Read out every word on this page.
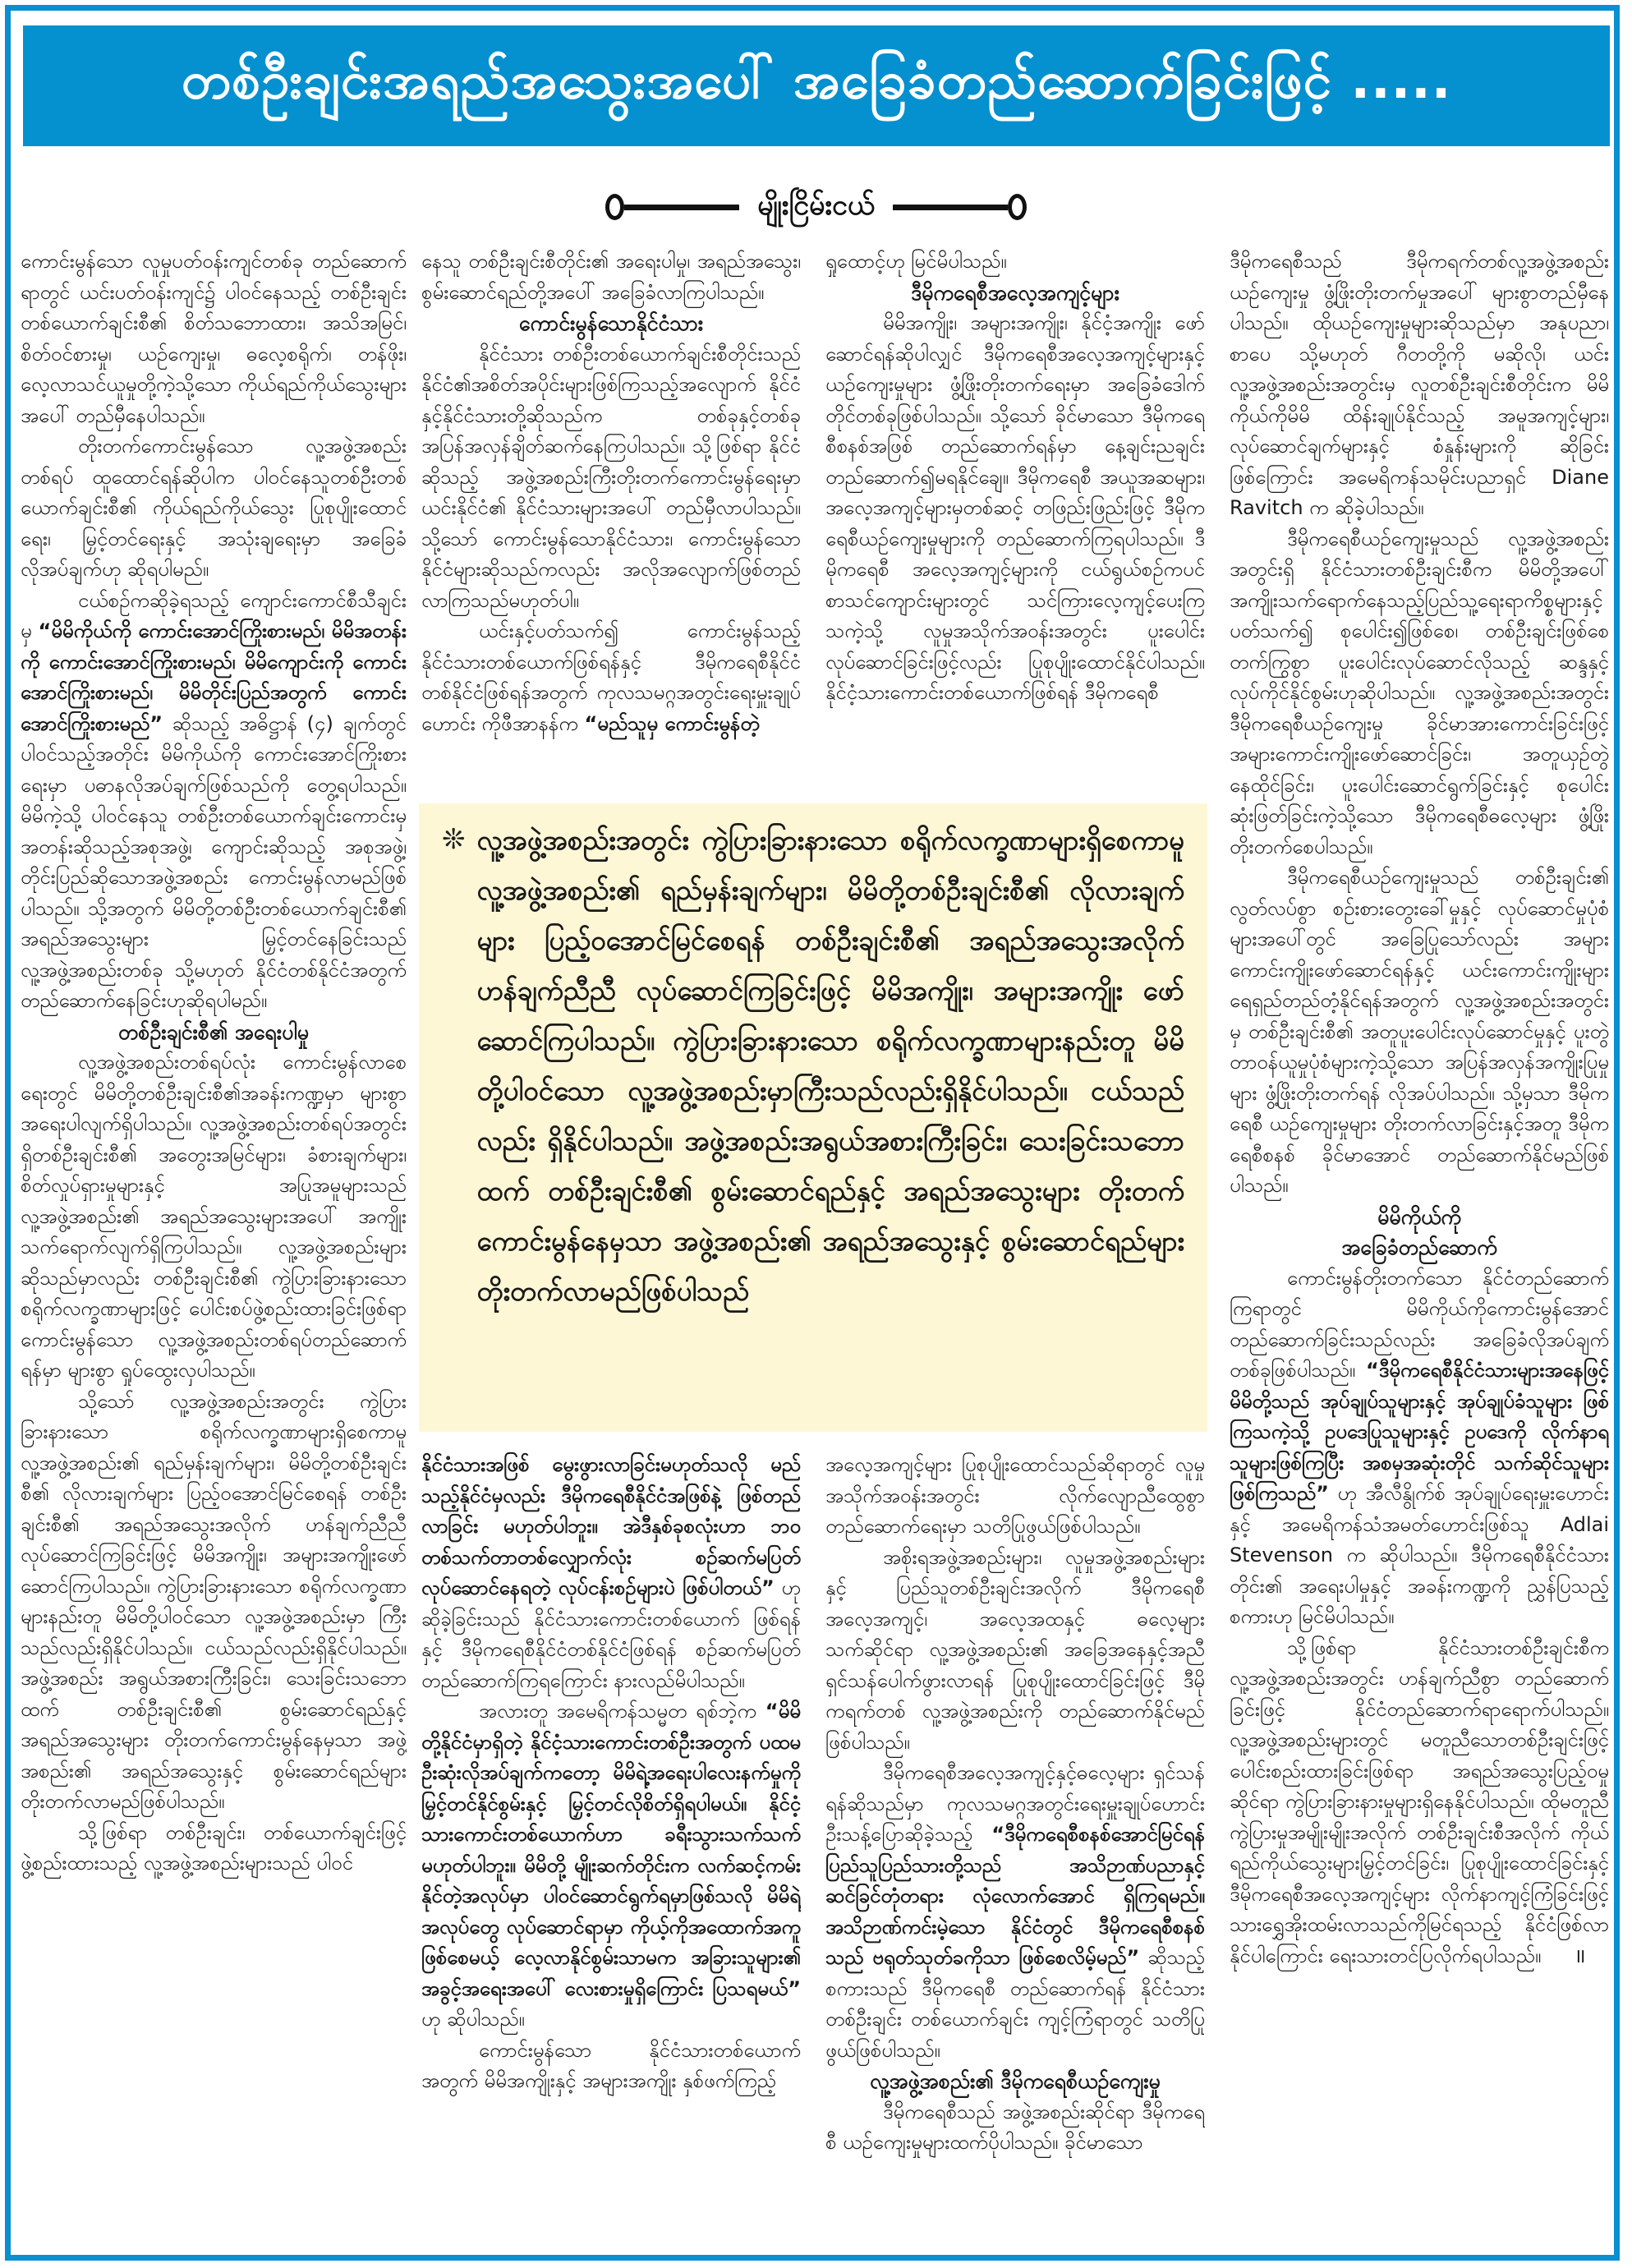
တစ်ဦးချင်းအရည်အသွေးအပေါ် အခြေခံတည်ဆောက်ခြင်းဖြင့် .....
မျိုးငြိမ်းငယ်

ကောင်းမွန်သော လူမှုပတ်ဝန်းကျင်တစ်ခု တည်ဆောက်ရာတွင် ယင်းပတ်ဝန်းကျင်၌ ပါဝင်နေသည့် တစ်ဦးချင်းတစ်ယောက်ချင်းစီ၏ စိတ်သဘောထား၊ အသိအမြင်၊ စိတ်ဝင်စားမှု၊ ယဉ်ကျေးမှု၊ ဓလေ့စရိုက်၊ တန်ဖိုး၊ လေ့လာသင်ယူမှုတို့ကဲ့သို့သော ကိုယ်ရည်ကိုယ်သွေးများအပေါ် တည်မှီနေပါသည်။

တိုးတက်ကောင်းမွန်သော လူ့အဖွဲ့အစည်းတစ်ရပ် ထူထောင်ရန်ဆိုပါက ပါဝင်နေသူတစ်ဦးတစ်ယောက်ချင်းစီ၏ ကိုယ်ရည်ကိုယ်သွေး ပြုစုပျိုးထောင်ရေး၊ မြှင့်တင်ရေးနှင့် အသုံးချရေးမှာ အခြေခံလိုအပ်ချက်ဟု ဆိုရပါမည်။

ငယ်စဉ်ကဆိုခဲ့ရသည့် ကျောင်းကောင်စီသီချင်းမှ “မိမိကိုယ်ကို ကောင်းအောင်ကြိုးစားမည်၊ မိမိအတန်းကို ကောင်းအောင်ကြိုးစားမည်၊ မိမိကျောင်းကို ကောင်းအောင်ကြိုးစားမည်၊ မိမိတိုင်းပြည်အတွက် ကောင်းအောင်ကြိုးစားမည်” ဆိုသည့် အဓိဋ္ဌာန် (၄) ချက်တွင် ပါဝင်သည့်အတိုင်း မိမိကိုယ်ကို ကောင်းအောင်ကြိုးစားရေးမှာ ပဓာနလိုအပ်ချက်ဖြစ်သည်ကို တွေ့ရပါသည်။ မိမိကဲ့သို့ ပါဝင်နေသူ တစ်ဦးတစ်ယောက်ချင်းကောင်းမှ အတန်းဆိုသည့်အစုအဖွဲ့၊ ကျောင်းဆိုသည့် အစုအဖွဲ့၊ တိုင်းပြည်ဆိုသောအဖွဲ့အစည်း ကောင်းမွန်လာမည်ဖြစ်ပါသည်။ သို့အတွက် မိမိတို့တစ်ဦးတစ်ယောက်ချင်းစီ၏ အရည်အသွေးများ မြှင့်တင်နေခြင်းသည် လူ့အဖွဲ့အစည်းတစ်ခု သို့မဟုတ် နိုင်ငံတစ်နိုင်ငံအတွက် တည်ဆောက်နေခြင်းဟုဆိုရပါမည်။

တစ်ဦးချင်းစီ၏ အရေးပါမှု

လူ့အဖွဲ့အစည်းတစ်ရပ်လုံး ကောင်းမွန်လာစေရေးတွင် မိမိတို့တစ်ဦးချင်းစီ၏အခန်းကဏ္ဍမှာ များစွာအရေးပါလျက်ရှိပါသည်။ လူ့အဖွဲ့အစည်းတစ်ရပ်အတွင်းရှိတစ်ဦးချင်းစီ၏ အတွေးအမြင်များ၊ ခံစားချက်များ၊ စိတ်လှုပ်ရှားမှုများနှင့် အပြုအမူများသည် လူ့အဖွဲ့အစည်း၏ အရည်အသွေးများအပေါ် အကျိုးသက်ရောက်လျက်ရှိကြပါသည်။ လူ့အဖွဲ့အစည်းများဆိုသည်မှာလည်း တစ်ဦးချင်းစီ၏ ကွဲပြားခြားနားသော စရိုက်လက္ခဏာများဖြင့် ပေါင်းစပ်ဖွဲ့စည်းထားခြင်းဖြစ်ရာ ကောင်းမွန်သော လူ့အဖွဲ့အစည်းတစ်ရပ်တည်ဆောက်ရန်မှာ များစွာ ရှုပ်ထွေးလှပါသည်။

သို့သော် လူ့အဖွဲ့အစည်းအတွင်း ကွဲပြားခြားနားသော စရိုက်လက္ခဏာများရှိစေကာမူ လူ့အဖွဲ့အစည်း၏ ရည်မှန်းချက်များ၊ မိမိတို့တစ်ဦးချင်းစီ၏ လိုလားချက်များ ပြည့်ဝအောင်မြင်စေရန် တစ်ဦးချင်းစီ၏ အရည်အသွေးအလိုက် ဟန်ချက်ညီညီ လုပ်ဆောင်ကြခြင်းဖြင့် မိမိအကျိုး၊ အများအကျိုးဖော်ဆောင်ကြပါသည်။ ကွဲပြားခြားနားသော စရိုက်လက္ခဏာများနည်းတူ မိမိတို့ပါဝင်သော လူ့အဖွဲ့အစည်းမှာ ကြီးသည်လည်းရှိနိုင်ပါသည်။ ငယ်သည်လည်းရှိနိုင်ပါသည်။ အဖွဲ့အစည်း အရွယ်အစားကြီးခြင်း၊ သေးခြင်းသဘောထက် တစ်ဦးချင်းစီ၏ စွမ်းဆောင်ရည်နှင့် အရည်အသွေးများ တိုးတက်ကောင်းမွန်နေမှသာ အဖွဲ့အစည်း၏ အရည်အသွေးနှင့် စွမ်းဆောင်ရည်များ တိုးတက်လာမည်ဖြစ်ပါသည်။

သို့ဖြစ်ရာ တစ်ဦးချင်း၊ တစ်ယောက်ချင်းဖြင့် ဖွဲ့စည်းထားသည့် လူ့အဖွဲ့အစည်းများသည် ပါဝင်

နေသူ တစ်ဦးချင်းစီတိုင်း၏ အရေးပါမှု၊ အရည်အသွေး၊ စွမ်းဆောင်ရည်တို့အပေါ် အခြေခံလာကြပါသည်။

ကောင်းမွန်သောနိုင်ငံသား

နိုင်ငံသား တစ်ဦးတစ်ယောက်ချင်းစီတိုင်းသည် နိုင်ငံ၏အစိတ်အပိုင်းများဖြစ်ကြသည့်အလျောက် နိုင်ငံနှင့်နိုင်ငံသားတို့ဆိုသည်က တစ်ခုနှင့်တစ်ခု အပြန်အလှန်ချိတ်ဆက်နေကြပါသည်။ သို့ဖြစ်ရာ နိုင်ငံဆိုသည့် အဖွဲ့အစည်းကြီးတိုးတက်ကောင်းမွန်ရေးမှာ ယင်းနိုင်ငံ၏ နိုင်ငံသားများအပေါ် တည်မှီလာပါသည်။ သို့သော် ကောင်းမွန်သောနိုင်ငံသား၊ ကောင်းမွန်သောနိုင်ငံများဆိုသည်ကလည်း အလိုအလျောက်ဖြစ်တည်လာကြသည်မဟုတ်ပါ။

ယင်းနှင့်ပတ်သက်၍ ကောင်းမွန်သည့် နိုင်ငံသားတစ်ယောက်ဖြစ်ရန်နှင့် ဒီမိုကရေစီနိုင်ငံတစ်နိုင်ငံဖြစ်ရန်အတွက် ကုလသမဂ္ဂအတွင်းရေးမှူးချုပ်ဟောင်း ကိုဖီအာနန်က “မည်သူမှ ကောင်းမွန်တဲ့

ရှုထောင့်ဟု မြင်မိပါသည်။

ဒီမိုကရေစီအလေ့အကျင့်များ

မိမိအကျိုး၊ အများအကျိုး၊ နိုင်ငံ့အကျိုး ဖော်ဆောင်ရန်ဆိုပါလျှင် ဒီမိုကရေစီအလေ့အကျင့်များနှင့် ယဉ်ကျေးမှုများ ဖွံ့ဖြိုးတိုးတက်ရေးမှာ အခြေခံဒေါက်တိုင်တစ်ခုဖြစ်ပါသည်။ သို့သော် ခိုင်မာသော ဒီမိုကရေစီစနစ်အဖြစ် တည်ဆောက်ရန်မှာ နေ့ချင်းညချင်းတည်ဆောက်၍မရနိုင်ချေ။ ဒီမိုကရေစီ အယူအဆများ၊ အလေ့အကျင့်များမှတစ်ဆင့် တဖြည်းဖြည်းဖြင့် ဒီမိုကရေစီယဉ်ကျေးမှုများကို တည်ဆောက်ကြရပါသည်။ ဒီမိုကရေစီ အလေ့အကျင့်များကို ငယ်ရွယ်စဉ်ကပင် စာသင်ကျောင်းများတွင် သင်ကြားလေ့ကျင့်ပေးကြသကဲ့သို့ လူမှုအသိုက်အဝန်းအတွင်း ပူးပေါင်းလုပ်ဆောင်ခြင်းဖြင့်လည်း ပြုစုပျိုးထောင်နိုင်ပါသည်။ နိုင်ငံ့သားကောင်းတစ်ယောက်ဖြစ်ရန် ဒီမိုကရေစီ

❊ လူ့အဖွဲ့အစည်းအတွင်း ကွဲပြားခြားနားသော စရိုက်လက္ခဏာများရှိစေကာမူ လူ့အဖွဲ့အစည်း၏ ရည်မှန်းချက်များ၊ မိမိတို့တစ်ဦးချင်းစီ၏ လိုလားချက်များ ပြည့်ဝအောင်မြင်စေရန် တစ်ဦးချင်းစီ၏ အရည်အသွေးအလိုက် ဟန်ချက်ညီညီ လုပ်ဆောင်ကြခြင်းဖြင့် မိမိအကျိုး၊ အများအကျိုး ဖော်ဆောင်ကြပါသည်။ ကွဲပြားခြားနားသော စရိုက်လက္ခဏာများနည်းတူ မိမိတို့ပါဝင်သော လူ့အဖွဲ့အစည်းမှာကြီးသည်လည်းရှိနိုင်ပါသည်။ ငယ်သည်လည်း ရှိနိုင်ပါသည်။ အဖွဲ့အစည်းအရွယ်အစားကြီးခြင်း၊ သေးခြင်းသဘောထက် တစ်ဦးချင်းစီ၏ စွမ်းဆောင်ရည်နှင့် အရည်အသွေးများ တိုးတက်ကောင်းမွန်နေမှသာ အဖွဲ့အစည်း၏ အရည်အသွေးနှင့် စွမ်းဆောင်ရည်များ တိုးတက်လာမည်ဖြစ်ပါသည်

နိုင်ငံသားအဖြစ် မွေးဖွားလာခြင်းမဟုတ်သလို မည်သည့်နိုင်ငံမှလည်း ဒီမိုကရေစီနိုင်ငံအဖြစ်နဲ့ ဖြစ်တည်လာခြင်း မဟုတ်ပါဘူး။ အဲဒီနှစ်ခုစလုံးဟာ ဘဝတစ်သက်တာတစ်လျှောက်လုံး စဉ်ဆက်မပြတ် လုပ်ဆောင်နေရတဲ့ လုပ်ငန်းစဉ်များပဲ ဖြစ်ပါတယ်” ဟုဆိုခဲ့ခြင်းသည် နိုင်ငံသားကောင်းတစ်ယောက် ဖြစ်ရန်နှင့် ဒီမိုကရေစီနိုင်ငံတစ်နိုင်ငံဖြစ်ရန် စဉ်ဆက်မပြတ် တည်ဆောက်ကြရကြောင်း နားလည်မိပါသည်။

အလားတူ အမေရိကန်သမ္မတ ရစ်ဘဲ့က “မိမိတို့နိုင်ငံမှာရှိတဲ့ နိုင်ငံ့သားကောင်းတစ်ဦးအတွက် ပထမဦးဆုံးလိုအပ်ချက်ကတော့ မိမိရဲ့အရေးပါလေးနက်မှုကို မြှင့်တင်နိုင်စွမ်းနှင့် မြှင့်တင်လိုစိတ်ရှိရပါမယ်။ နိုင်ငံ့သားကောင်းတစ်ယောက်ဟာ ခရီးသွားသက်သက်မဟုတ်ပါဘူး။ မိမိတို့ မျိုးဆက်တိုင်းက လက်ဆင့်ကမ်းနိုင်တဲ့အလုပ်မှာ ပါဝင်ဆောင်ရွက်ရမှာဖြစ်သလို မိမိရဲ့အလုပ်တွေ လုပ်ဆောင်ရာမှာ ကိုယ့်ကိုအထောက်အကူဖြစ်စေမယ့် လေ့လာနိုင်စွမ်းသာမက အခြားသူများ၏ အခွင့်အရေးအပေါ် လေးစားမှုရှိကြောင်း ပြသရမယ်” ဟု ဆိုပါသည်။

ကောင်းမွန်သော နိုင်ငံသားတစ်ယောက် အတွက် မိမိအကျိုးနှင့် အများအကျိုး နှစ်ဖက်ကြည့်

အလေ့အကျင့်များ ပြုစုပျိုးထောင်သည်ဆိုရာတွင် လူမှုအသိုက်အဝန်းအတွင်း လိုက်လျောညီထွေစွာ တည်ဆောက်ရေးမှာ သတိပြုဖွယ်ဖြစ်ပါသည်။

အစိုးရအဖွဲ့အစည်းများ၊ လူမှုအဖွဲ့အစည်းများနှင့် ပြည်သူတစ်ဦးချင်းအလိုက် ဒီမိုကရေစီအလေ့အကျင့်၊ အလေ့အထနှင့် ဓလေ့များ သက်ဆိုင်ရာ လူ့အဖွဲ့အစည်း၏ အခြေအနေနှင့်အညီ ရှင်သန်ပေါက်ဖွားလာရန် ပြုစုပျိုးထောင်ခြင်းဖြင့် ဒီမိုကရက်တစ် လူ့အဖွဲ့အစည်းကို တည်ဆောက်နိုင်မည်ဖြစ်ပါသည်။

ဒီမိုကရေစီအလေ့အကျင့်နှင့်ဓလေ့များ ရှင်သန်ရန်ဆိုသည်မှာ ကုလသမဂ္ဂအတွင်းရေးမှူးချုပ်ဟောင်း ဦးသန့်ပြောဆိုခဲ့သည့် “ဒီမိုကရေစီစနစ်အောင်မြင်ရန် ပြည်သူပြည်သားတို့သည် အသိဉာဏ်ပညာနှင့် ဆင်ခြင်တုံတရား လုံလောက်အောင် ရှိကြရမည်။ အသိဉာဏ်ကင်းမဲ့သော နိုင်ငံတွင် ဒီမိုကရေစီစနစ်သည် ဗရုတ်သုတ်ခကိုသာ ဖြစ်စေလိမ့်မည်” ဆိုသည့်စကားသည် ဒီမိုကရေစီ တည်ဆောက်ရန် နိုင်ငံသားတစ်ဦးချင်း တစ်ယောက်ချင်း ကျင့်ကြံရာတွင် သတိပြုဖွယ်ဖြစ်ပါသည်။

လူ့အဖွဲ့အစည်း၏ ဒီမိုကရေစီယဉ်ကျေးမှု

ဒီမိုကရေစီသည် အဖွဲ့အစည်းဆိုင်ရာ ဒီမိုကရေစီ ယဉ်ကျေးမှုများထက်ပိုပါသည်။ ခိုင်မာသော

ဒီမိုကရေစီသည် ဒီမိုကရက်တစ်လူ့အဖွဲ့အစည်း ယဉ်ကျေးမှု ဖွံ့ဖြိုးတိုးတက်မှုအပေါ် များစွာတည်မှီနေပါသည်။ ထိုယဉ်ကျေးမှုများဆိုသည်မှာ အနုပညာ၊ စာပေ သို့မဟုတ် ဂီတတို့ကို မဆိုလို၊ ယင်းလူ့အဖွဲ့အစည်းအတွင်းမှ လူတစ်ဦးချင်းစီတိုင်းက မိမိကိုယ်ကိုမိမိ ထိန်းချုပ်နိုင်သည့် အမူအကျင့်များ၊ လုပ်ဆောင်ချက်များနှင့် စံနှုန်းများကို ဆိုခြင်းဖြစ်ကြောင်း အမေရိကန်သမိုင်းပညာရှင် Diane Ravitch က ဆိုခဲ့ပါသည်။

ဒီမိုကရေစီယဉ်ကျေးမှုသည် လူ့အဖွဲ့အစည်းအတွင်းရှိ နိုင်ငံသားတစ်ဦးချင်းစီက မိမိတို့အပေါ် အကျိုးသက်ရောက်နေသည့်ပြည်သူ့ရေးရာကိစ္စများနှင့်ပတ်သက်၍ စုပေါင်း၍ဖြစ်စေ၊ တစ်ဦးချင်းဖြစ်စေ တက်ကြွစွာ ပူးပေါင်းလုပ်ဆောင်လိုသည့် ဆန္ဒနှင့် လုပ်ကိုင်နိုင်စွမ်းဟုဆိုပါသည်။ လူ့အဖွဲ့အစည်းအတွင်း ဒီမိုကရေစီယဉ်ကျေးမှု ခိုင်မာအားကောင်းခြင်းဖြင့် အများကောင်းကျိုးဖော်ဆောင်ခြင်း၊ အတူယှဉ်တွဲနေထိုင်ခြင်း၊ ပူးပေါင်းဆောင်ရွက်ခြင်းနှင့် စုပေါင်းဆုံးဖြတ်ခြင်းကဲ့သို့သော ဒီမိုကရေစီဓလေ့များ ဖွံ့ဖြိုးတိုးတက်စေပါသည်။

ဒီမိုကရေစီယဉ်ကျေးမှုသည် တစ်ဦးချင်း၏ လွတ်လပ်စွာ စဉ်းစားတွေးခေါ်မှုနှင့် လုပ်ဆောင်မှုပုံစံများအပေါ်တွင် အခြေပြုသော်လည်း အများကောင်းကျိုးဖော်ဆောင်ရန်နှင့် ယင်းကောင်းကျိုးများ ရေရှည်တည်တံ့နိုင်ရန်အတွက် လူ့အဖွဲ့အစည်းအတွင်းမှ တစ်ဦးချင်းစီ၏ အတူပူးပေါင်းလုပ်ဆောင်မှုနှင့် ပူးတွဲတာဝန်ယူမှုပုံစံများကဲ့သို့သော အပြန်အလှန်အကျိုးပြုမှုများ ဖွံ့ဖြိုးတိုးတက်ရန် လိုအပ်ပါသည်။ သို့မှသာ ဒီမိုကရေစီ ယဉ်ကျေးမှုများ တိုးတက်လာခြင်းနှင့်အတူ ဒီမိုကရေစီစနစ် ခိုင်မာအောင် တည်ဆောက်နိုင်မည်ဖြစ်ပါသည်။

မိမိကိုယ်ကို
အခြေခံတည်ဆောက်

ကောင်းမွန်တိုးတက်သော နိုင်ငံတည်ဆောက်ကြရာတွင် မိမိကိုယ်ကိုကောင်းမွန်အောင် တည်ဆောက်ခြင်းသည်လည်း အခြေခံလိုအပ်ချက် တစ်ခုဖြစ်ပါသည်။ “ဒီမိုကရေစီနိုင်ငံသားများအနေဖြင့် မိမိတို့သည် အုပ်ချုပ်သူများနှင့် အုပ်ချုပ်ခံသူများ ဖြစ်ကြသကဲ့သို့ ဥပဒေပြုသူများနှင့် ဥပဒေကို လိုက်နာရသူများဖြစ်ကြပြီး အစမှအဆုံးတိုင် သက်ဆိုင်သူများဖြစ်ကြသည်” ဟု အီလီနွိုက်စ် အုပ်ချုပ်ရေးမှူးဟောင်းနှင့် အမေရိကန်သံအမတ်ဟောင်းဖြစ်သူ Adlai Stevenson က ဆိုပါသည်။ ဒီမိုကရေစီနိုင်ငံသားတိုင်း၏ အရေးပါမှုနှင့် အခန်းကဏ္ဍကို ညွှန်ပြသည့်စကားဟု မြင်မိပါသည်။

သို့ဖြစ်ရာ နိုင်ငံသားတစ်ဦးချင်းစီက လူ့အဖွဲ့အစည်းအတွင်း ဟန်ချက်ညီစွာ တည်ဆောက်ခြင်းဖြင့် နိုင်ငံတည်ဆောက်ရာရောက်ပါသည်။ လူ့အဖွဲ့အစည်းများတွင် မတူညီသောတစ်ဦးချင်းဖြင့် ပေါင်းစည်းထားခြင်းဖြစ်ရာ အရည်အသွေးပြည့်ဝမှုဆိုင်ရာ ကွဲပြားခြားနားမှုများရှိနေနိုင်ပါသည်။ ထိုမတူညီကွဲပြားမှုအမျိုးမျိုးအလိုက် တစ်ဦးချင်းစီအလိုက် ကိုယ်ရည်ကိုယ်သွေးများမြှင့်တင်ခြင်း၊ ပြုစုပျိုးထောင်ခြင်းနှင့် ဒီမိုကရေစီအလေ့အကျင့်များ လိုက်နာကျင့်ကြံခြင်းဖြင့် သားရွှေအိုးထမ်းလာသည်ကိုမြင်ရသည့် နိုင်ငံဖြစ်လာနိုင်ပါကြောင်း ရေးသားတင်ပြလိုက်ရပါသည်။ ॥
